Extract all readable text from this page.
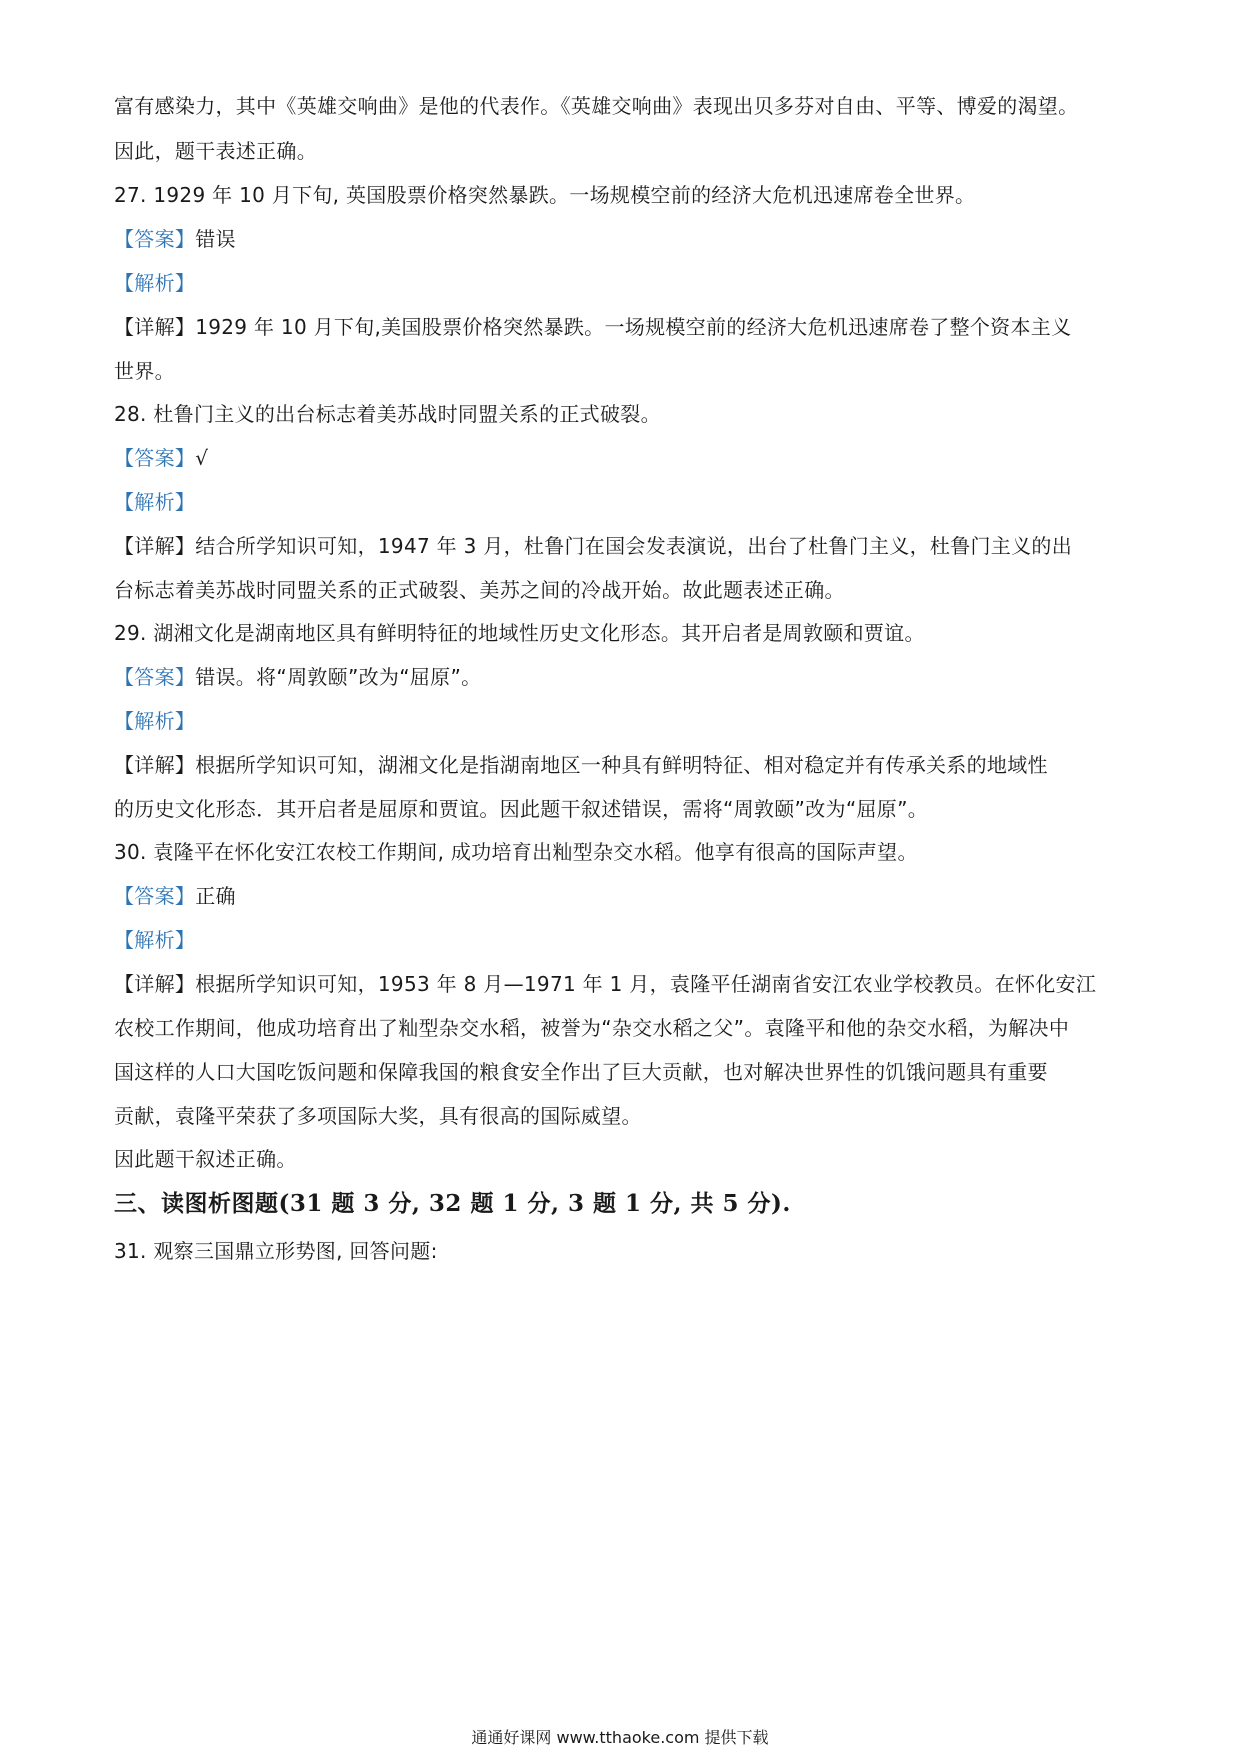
富有感染力，其中《英雄交响曲》是他的代表作。《英雄交响曲》表现出贝多芬对自由、平等、博爱的渴望。
因此，题干表述正确。
27. 1929 年 10 月下旬, 英国股票价格突然暴跌。一场规模空前的经济大危机迅速席卷全世界。
【答案】错误
【解析】
【详解】1929 年 10 月下旬,美国股票价格突然暴跌。一场规模空前的经济大危机迅速席卷了整个资本主义
世界。
28. 杜鲁门主义的出台标志着美苏战时同盟关系的正式破裂。
【答案】√
【解析】
【详解】结合所学知识可知，1947 年 3 月，杜鲁门在国会发表演说，出台了杜鲁门主义，杜鲁门主义的出
台标志着美苏战时同盟关系的正式破裂、美苏之间的冷战开始。故此题表述正确。
29. 湖湘文化是湖南地区具有鲜明特征的地域性历史文化形态。其开启者是周敦颐和贾谊。
【答案】错误。将“周敦颐”改为“屈原”。
【解析】
【详解】根据所学知识可知，湖湘文化是指湖南地区一种具有鲜明特征、相对稳定并有传承关系的地域性
的历史文化形态．其开启者是屈原和贾谊。因此题干叙述错误，需将“周敦颐”改为“屈原”。
30. 袁隆平在怀化安江农校工作期间, 成功培育出籼型杂交水稻。他享有很高的国际声望。
【答案】正确
【解析】
【详解】根据所学知识可知，1953 年 8 月—1971 年 1 月，袁隆平任湖南省安江农业学校教员。在怀化安江
农校工作期间，他成功培育出了籼型杂交水稻，被誉为“杂交水稻之父”。袁隆平和他的杂交水稻，为解决中
国这样的人口大国吃饭问题和保障我国的粮食安全作出了巨大贡献，也对解决世界性的饥饿问题具有重要
贡献，袁隆平荣获了多项国际大奖，具有很高的国际威望。
因此题干叙述正确。
三、读图析图题(31 题 3 分, 32 题 1 分, 3 题 1 分, 共 5 分).
31. 观察三国鼎立形势图, 回答问题:
通通好课网 www.tthaoke.com 提供下载
